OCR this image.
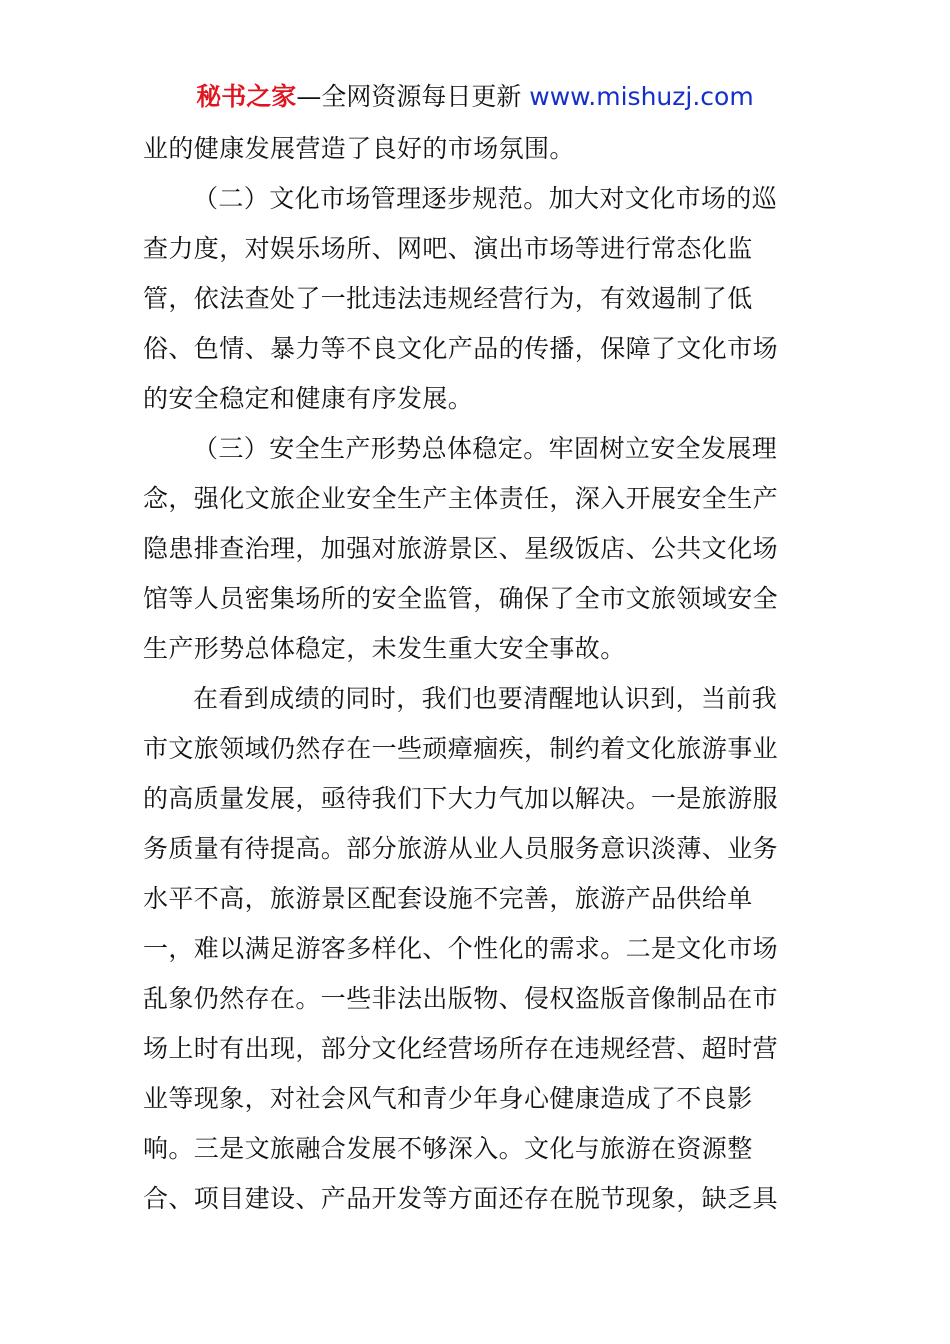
秘书之家—全网资源每日更新 www.mishuzj.com
业的健康发展营造了良好的市场氛围。
（二）文化市场管理逐步规范。加大对文化市场的巡
查力度，对娱乐场所、网吧、演出市场等进行常态化监
管，依法查处了一批违法违规经营行为，有效遏制了低
俗、色情、暴力等不良文化产品的传播，保障了文化市场
的安全稳定和健康有序发展。
（三）安全生产形势总体稳定。牢固树立安全发展理
念，强化文旅企业安全生产主体责任，深入开展安全生产
隐患排查治理，加强对旅游景区、星级饭店、公共文化场
馆等人员密集场所的安全监管，确保了全市文旅领域安全
生产形势总体稳定，未发生重大安全事故。
在看到成绩的同时，我们也要清醒地认识到，当前我
市文旅领域仍然存在一些顽瘴痼疾，制约着文化旅游事业
的高质量发展，亟待我们下大力气加以解决。一是旅游服
务质量有待提高。部分旅游从业人员服务意识淡薄、业务
水平不高，旅游景区配套设施不完善，旅游产品供给单
一，难以满足游客多样化、个性化的需求。二是文化市场
乱象仍然存在。一些非法出版物、侵权盗版音像制品在市
场上时有出现，部分文化经营场所存在违规经营、超时营
业等现象，对社会风气和青少年身心健康造成了不良影
响。三是文旅融合发展不够深入。文化与旅游在资源整
合、项目建设、产品开发等方面还存在脱节现象，缺乏具
